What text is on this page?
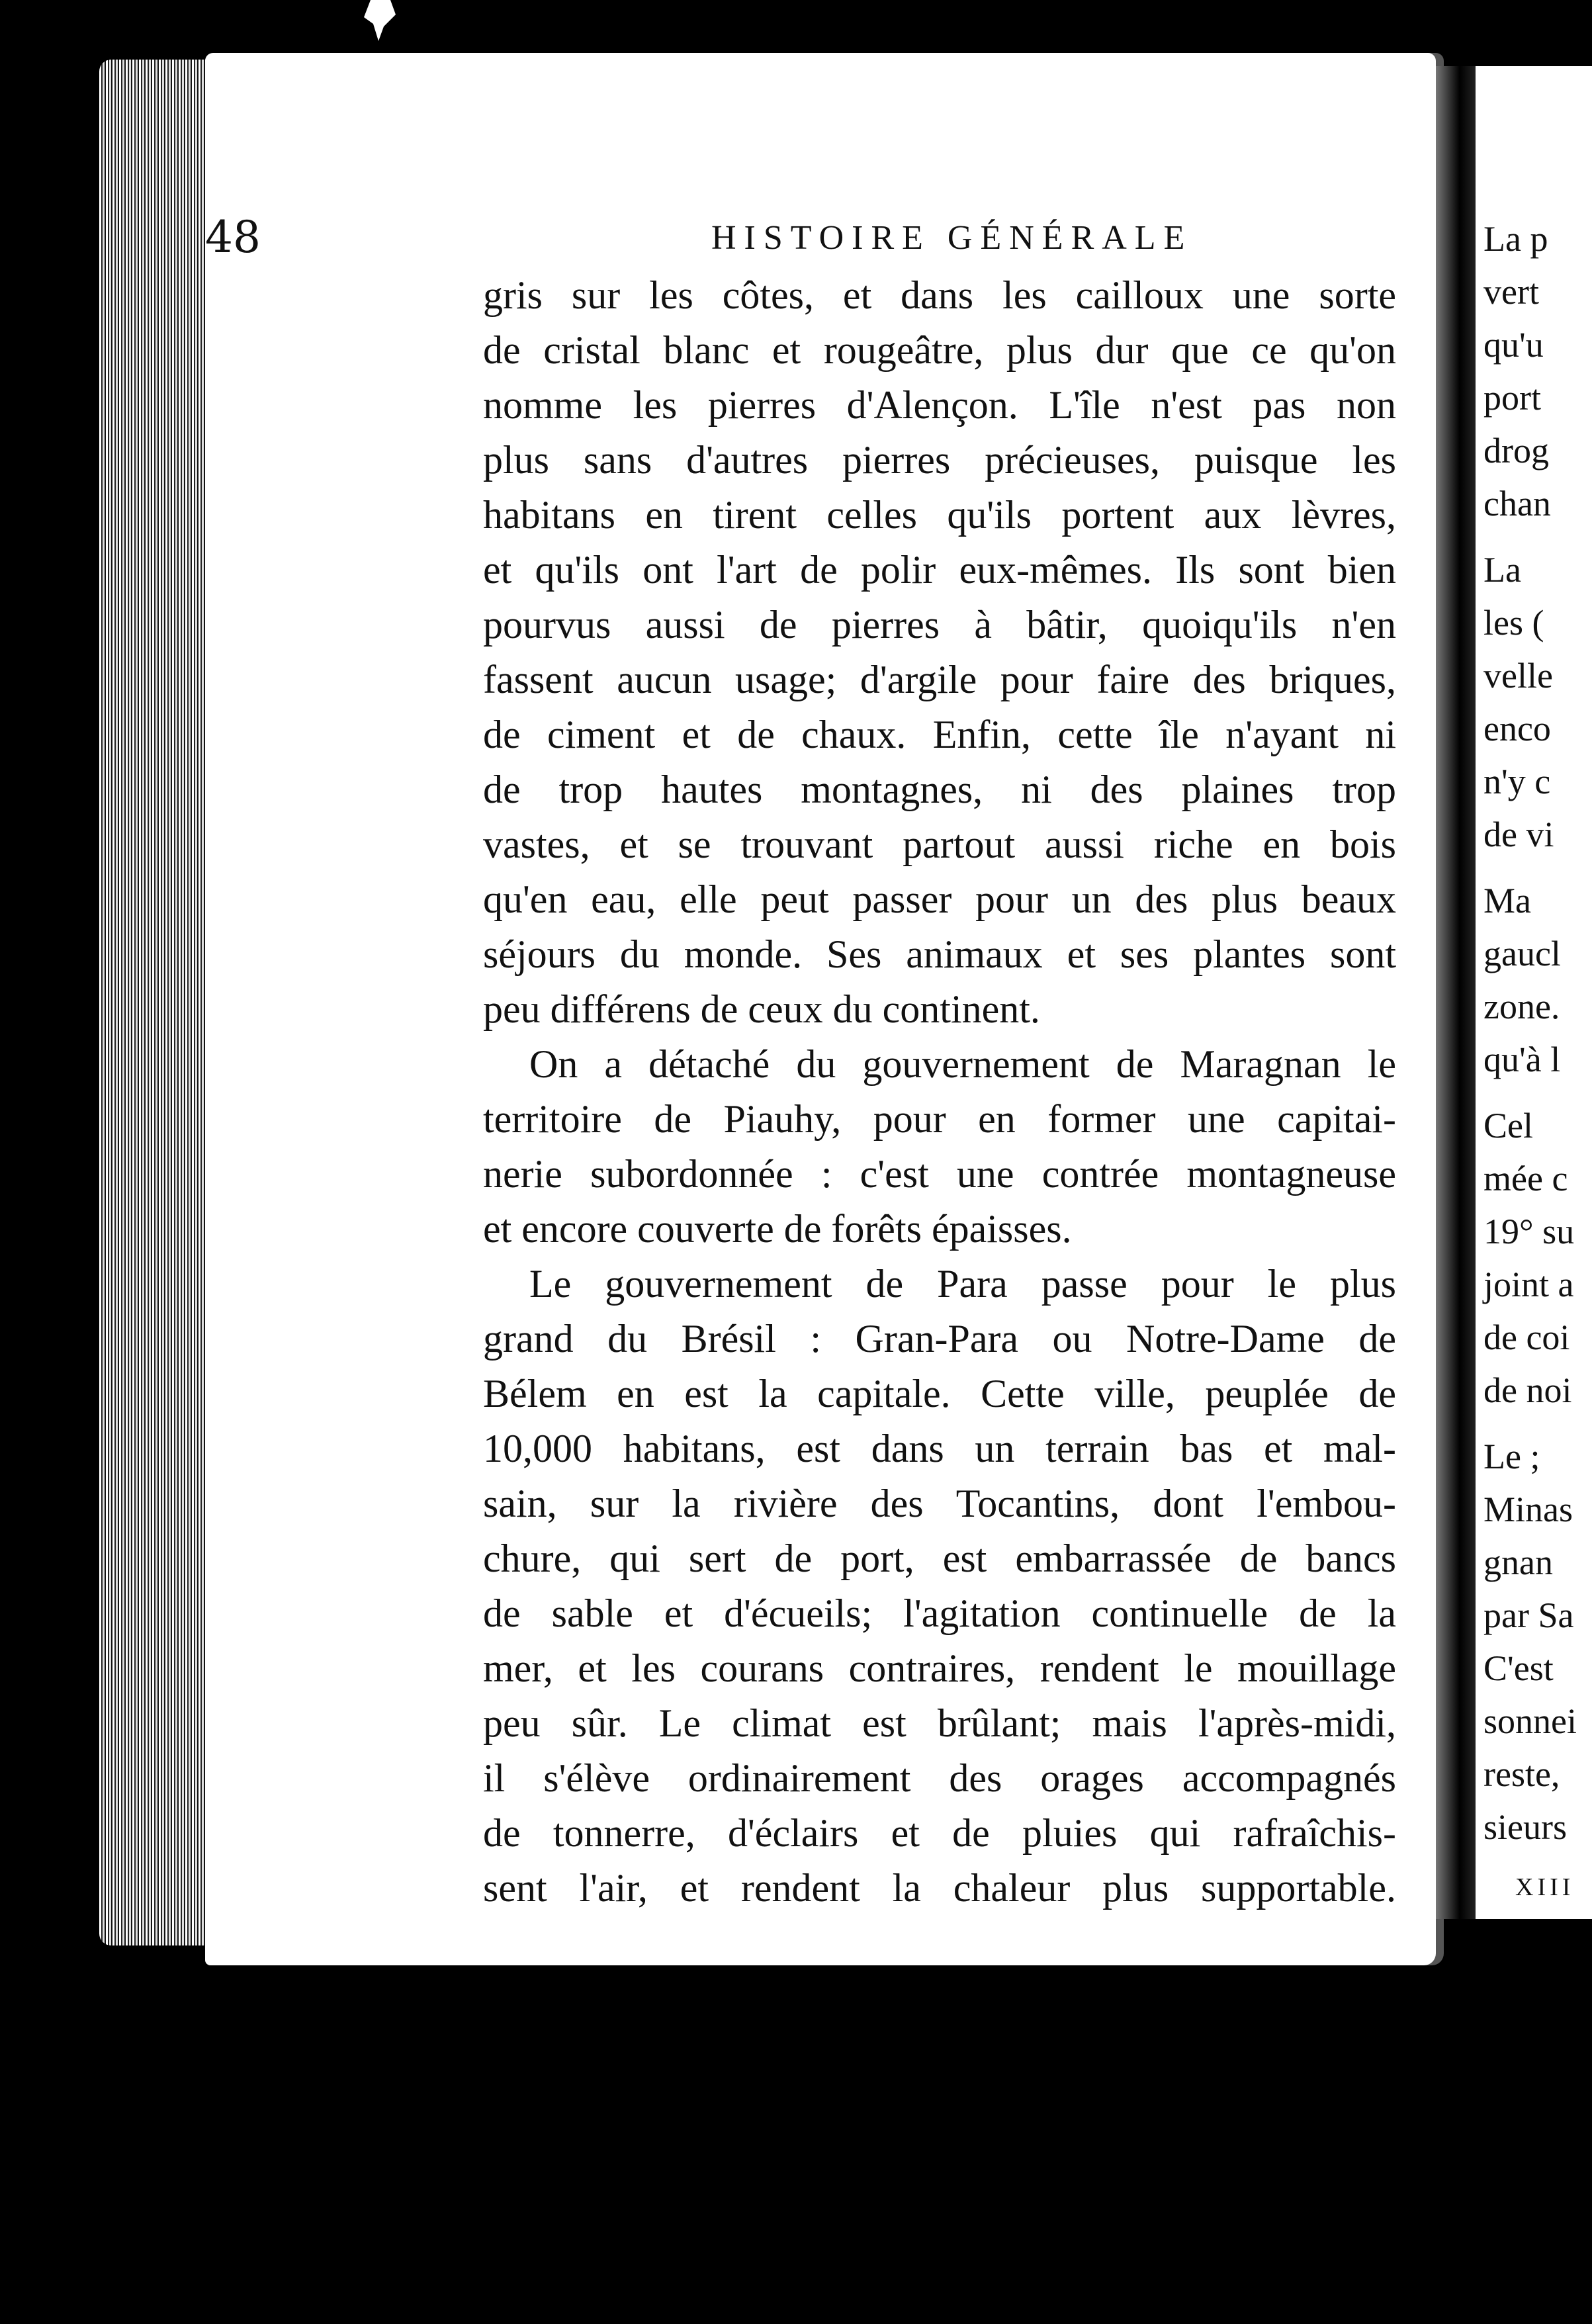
48	HISTOIRE GÉNÉRALE
gris sur les côtes, et dans les cailloux une sorte
de cristal blanc et rougeâtre, plus dur que ce qu'on
nomme les pierres d'Alençon. L'île n'est pas non
plus sans d'autres pierres précieuses, puisque les
habitans en tirent celles qu'ils portent aux lèvres,
et qu'ils ont l'art de polir eux-mêmes. Ils sont bien
pourvus aussi de pierres à bâtir, quoiqu'ils n'en
fassent aucun usage; d'argile pour faire des briques,
de ciment et de chaux. Enfin, cette île n'ayant ni
de trop hautes montagnes, ni des plaines trop
vastes, et se trouvant partout aussi riche en bois
qu'en eau, elle peut passer pour un des plus beaux
séjours du monde. Ses animaux et ses plantes sont
peu différens de ceux du continent.
On a détaché du gouvernement de Maragnan le
territoire de Piauhy, pour en former une capitai-
nerie subordonnée : c'est une contrée montagneuse
et encore couverte de forêts épaisses.
Le gouvernement de Para passe pour le plus
grand du Brésil : Gran-Para ou Notre-Dame de
Bélem en est la capitale. Cette ville, peuplée de
10,000 habitans, est dans un terrain bas et mal-
sain, sur la rivière des Tocantins, dont l'embou-
chure, qui sert de port, est embarrassée de bancs
de sable et d'écueils; l'agitation continuelle de la
mer, et les courans contraires, rendent le mouillage
peu sûr. Le climat est brûlant; mais l'après-midi,
il s'élève ordinairement des orages accompagnés
de tonnerre, d'éclairs et de pluies qui rafraîchis-
sent l'air, et rendent la chaleur plus supportable.
La p
vert
qu'u
port
drog
chan
La
les (
velle
enco
n'y c
de vi
Ma
gaucl
zone.
qu'à l
Cel
mée c
19° su
joint a
de coi
de noi
Le ;
Minas
gnan
par Sa
C'est
sonnei
reste,
sieurs
XIII
